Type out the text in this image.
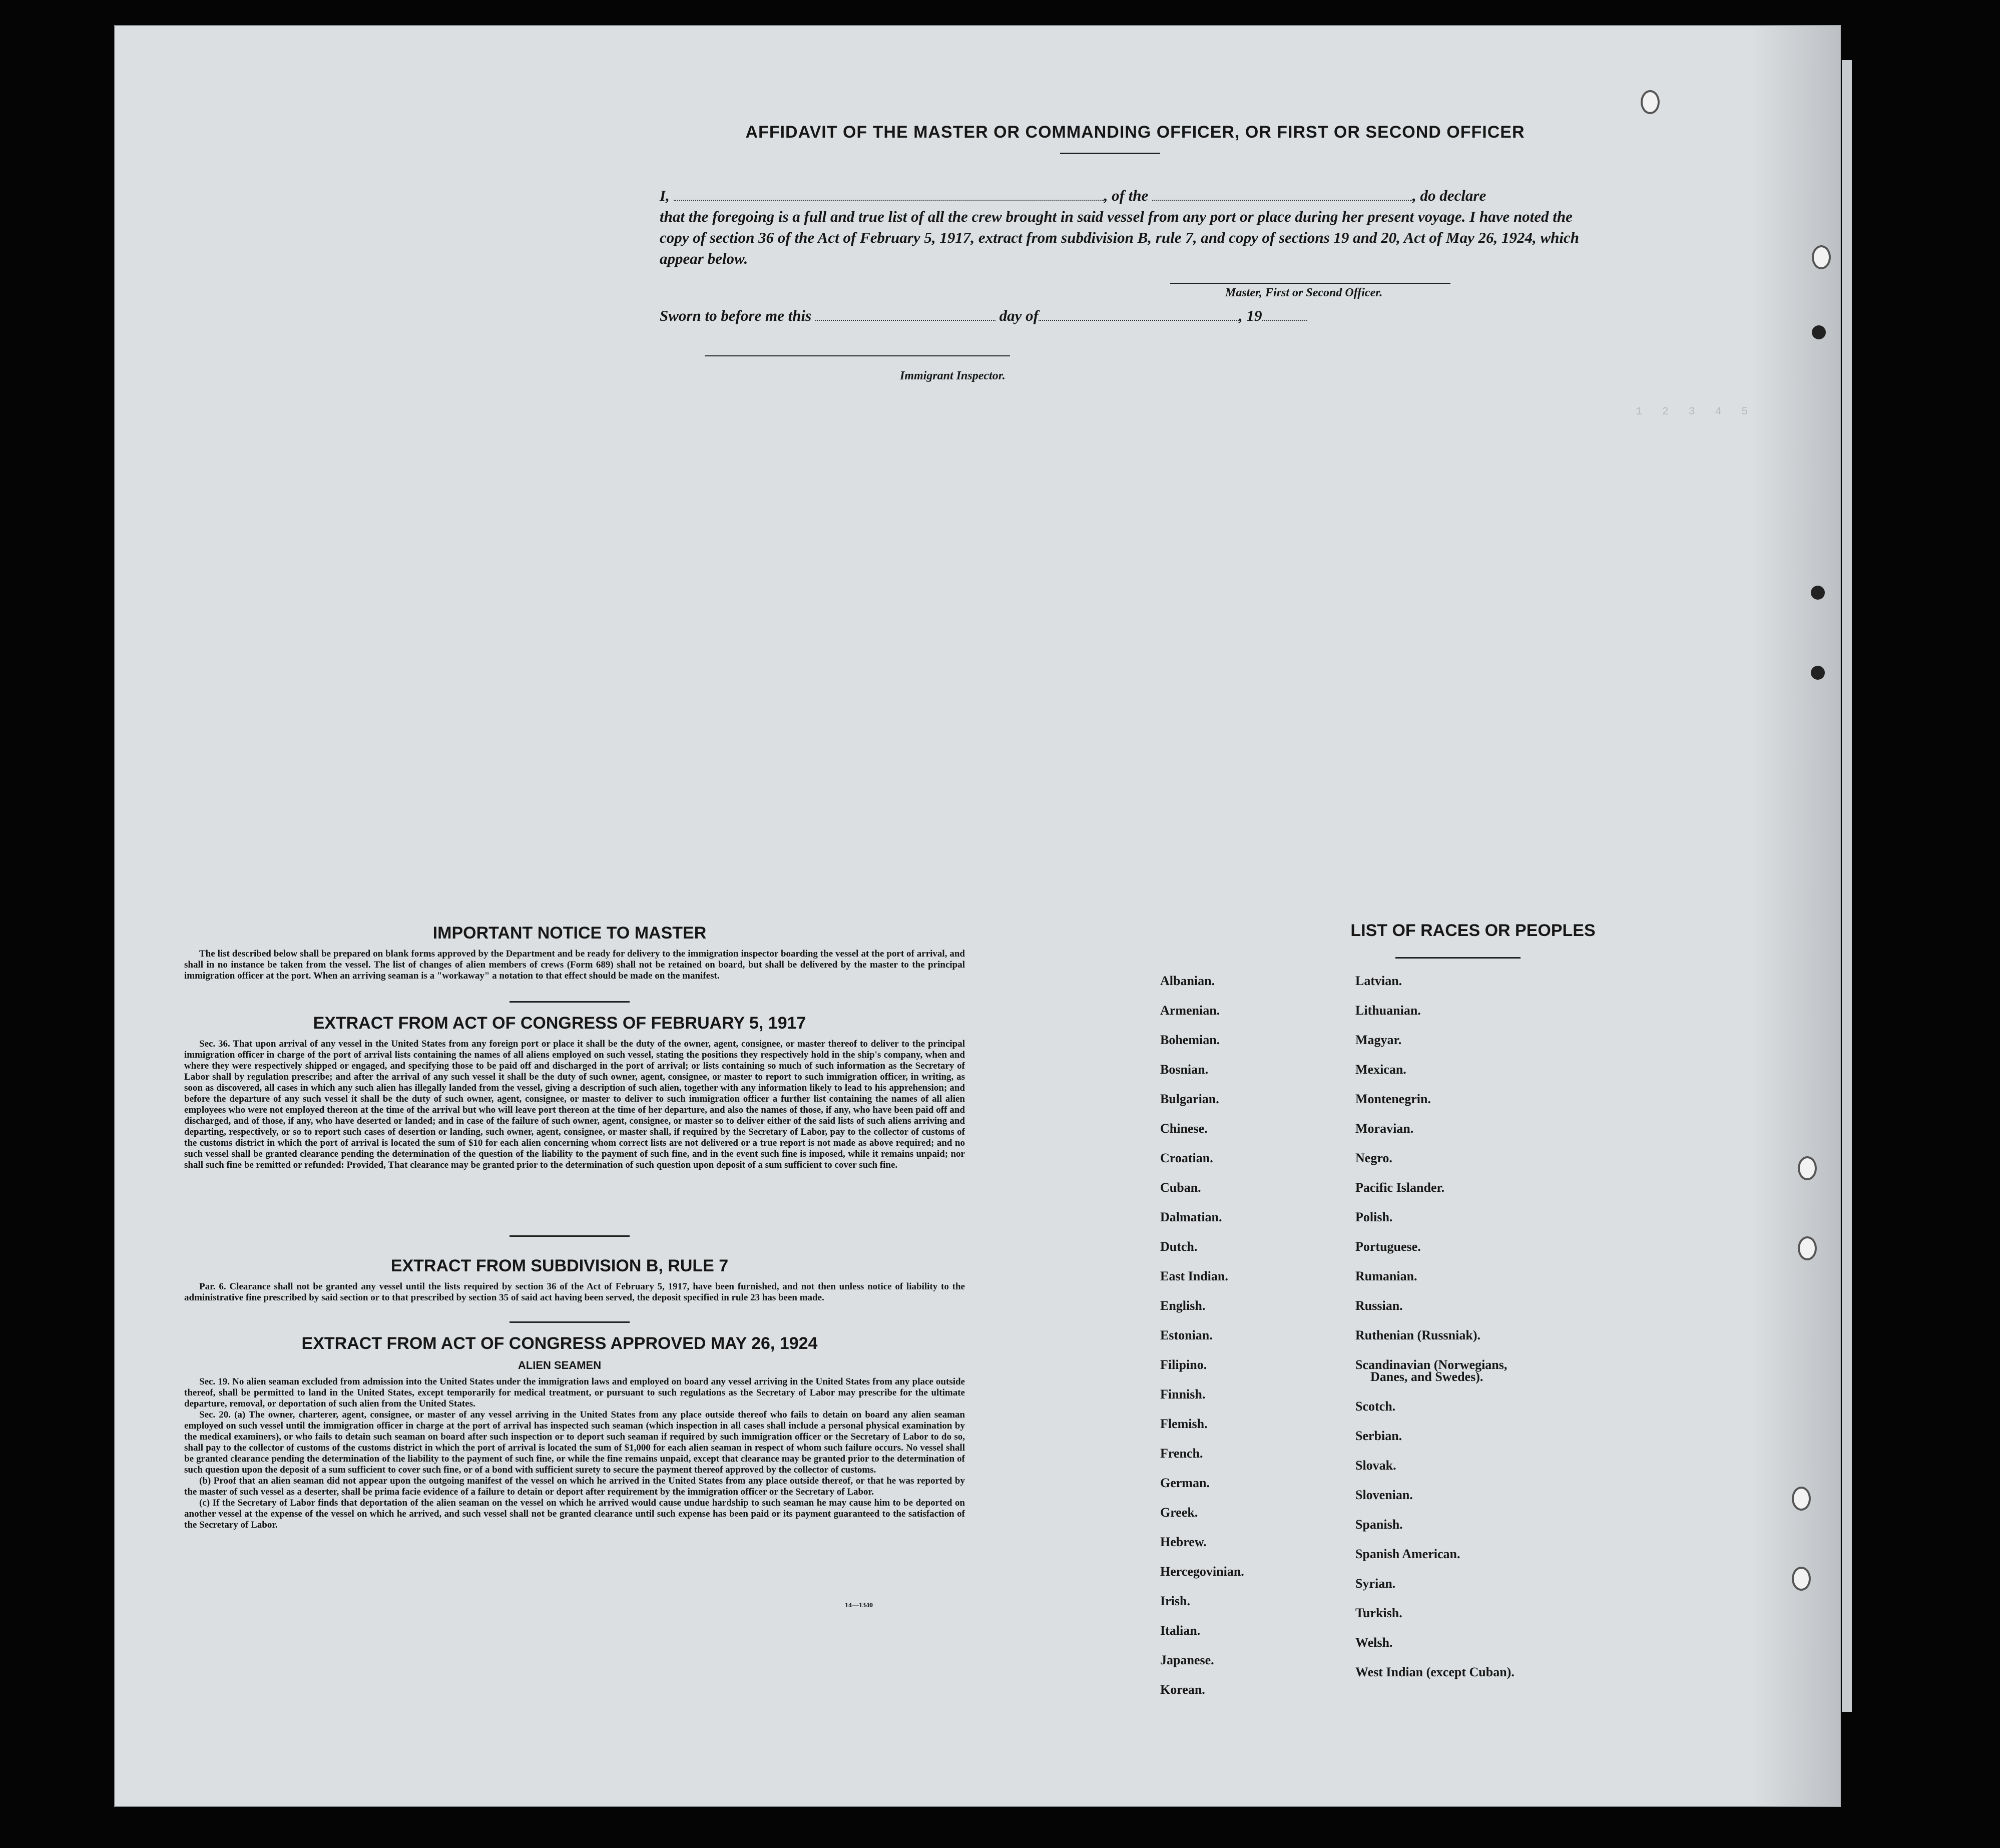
1   2   3   4   5
AFFIDAVIT OF THE MASTER OR COMMANDING OFFICER, OR FIRST OR SECOND OFFICER
I,	, of the	, do declare
that the foregoing is a full and true list of all the crew brought in said vessel from any port or place during her present voyage. I have noted the copy of section 36 of the Act of February 5, 1917, extract from subdivision B, rule 7, and copy of sections 19 and 20, Act of May 26, 1924, which appear below.
Master, First or Second Officer.
Sworn to before me this	day of	, 19
Immigrant Inspector.
IMPORTANT NOTICE TO MASTER
The list described below shall be prepared on blank forms approved by the Department and be ready for delivery to the immigration inspector boarding the vessel at the port of arrival, and shall in no instance be taken from the vessel. The list of changes of alien members of crews (Form 689) shall not be retained on board, but shall be delivered by the master to the principal immigration officer at the port. When an arriving seaman is a "workaway" a notation to that effect should be made on the manifest.
EXTRACT FROM ACT OF CONGRESS OF FEBRUARY 5, 1917
Sec. 36. That upon arrival of any vessel in the United States from any foreign port or place it shall be the duty of the owner, agent, consignee, or master thereof to deliver to the principal immigration officer in charge of the port of arrival lists containing the names of all aliens employed on such vessel, stating the positions they respectively hold in the ship's company, when and where they were respectively shipped or engaged, and specifying those to be paid off and discharged in the port of arrival; or lists containing so much of such information as the Secretary of Labor shall by regulation prescribe; and after the arrival of any such vessel it shall be the duty of such owner, agent, consignee, or master to report to such immigration officer, in writing, as soon as discovered, all cases in which any such alien has illegally landed from the vessel, giving a description of such alien, together with any information likely to lead to his apprehension; and before the departure of any such vessel it shall be the duty of such owner, agent, consignee, or master to deliver to such immigration officer a further list containing the names of all alien employees who were not employed thereon at the time of the arrival but who will leave port thereon at the time of her departure, and also the names of those, if any, who have been paid off and discharged, and of those, if any, who have deserted or landed; and in case of the failure of such owner, agent, consignee, or master so to deliver either of the said lists of such aliens arriving and departing, respectively, or so to report such cases of desertion or landing, such owner, agent, consignee, or master shall, if required by the Secretary of Labor, pay to the collector of customs of the customs district in which the port of arrival is located the sum of $10 for each alien concerning whom correct lists are not delivered or a true report is not made as above required; and no such vessel shall be granted clearance pending the determination of the question of the liability to the payment of such fine, and in the event such fine is imposed, while it remains unpaid; nor shall such fine be remitted or refunded: Provided, That clearance may be granted prior to the determination of such question upon deposit of a sum sufficient to cover such fine.
EXTRACT FROM SUBDIVISION B, RULE 7
Par. 6. Clearance shall not be granted any vessel until the lists required by section 36 of the Act of February 5, 1917, have been furnished, and not then unless notice of liability to the administrative fine prescribed by said section or to that prescribed by section 35 of said act having been served, the deposit specified in rule 23 has been made.
EXTRACT FROM ACT OF CONGRESS APPROVED MAY 26, 1924
ALIEN SEAMEN
Sec. 19. No alien seaman excluded from admission into the United States under the immigration laws and employed on board any vessel arriving in the United States from any place outside thereof, shall be permitted to land in the United States, except temporarily for medical treatment, or pursuant to such regulations as the Secretary of Labor may prescribe for the ultimate departure, removal, or deportation of such alien from the United States.
Sec. 20. (a) The owner, charterer, agent, consignee, or master of any vessel arriving in the United States from any place outside thereof who fails to detain on board any alien seaman employed on such vessel until the immigration officer in charge at the port of arrival has inspected such seaman (which inspection in all cases shall include a personal physical examination by the medical examiners), or who fails to detain such seaman on board after such inspection or to deport such seaman if required by such immigration officer or the Secretary of Labor to do so, shall pay to the collector of customs of the customs district in which the port of arrival is located the sum of $1,000 for each alien seaman in respect of whom such failure occurs. No vessel shall be granted clearance pending the determination of the liability to the payment of such fine, or while the fine remains unpaid, except that clearance may be granted prior to the determination of such question upon the deposit of a sum sufficient to cover such fine, or of a bond with sufficient surety to secure the payment thereof approved by the collector of customs.
(b) Proof that an alien seaman did not appear upon the outgoing manifest of the vessel on which he arrived in the United States from any place outside thereof, or that he was reported by the master of such vessel as a deserter, shall be prima facie evidence of a failure to detain or deport after requirement by the immigration officer or the Secretary of Labor.
(c) If the Secretary of Labor finds that deportation of the alien seaman on the vessel on which he arrived would cause undue hardship to such seaman he may cause him to be deported on another vessel at the expense of the vessel on which he arrived, and such vessel shall not be granted clearance until such expense has been paid or its payment guaranteed to the satisfaction of the Secretary of Labor.
14—1340
LIST OF RACES OR PEOPLES
Albanian.
Armenian.
Bohemian.
Bosnian.
Bulgarian.
Chinese.
Croatian.
Cuban.
Dalmatian.
Dutch.
East Indian.
English.
Estonian.
Filipino.
Finnish.
Flemish.
French.
German.
Greek.
Hebrew.
Hercegovinian.
Irish.
Italian.
Japanese.
Korean.
Latvian.
Lithuanian.
Magyar.
Mexican.
Montenegrin.
Moravian.
Negro.
Pacific Islander.
Polish.
Portuguese.
Rumanian.
Russian.
Ruthenian (Russniak).
Scandinavian (Norwegians,
Danes, and Swedes).
Scotch.
Serbian.
Slovak.
Slovenian.
Spanish.
Spanish American.
Syrian.
Turkish.
Welsh.
West Indian (except Cuban).
